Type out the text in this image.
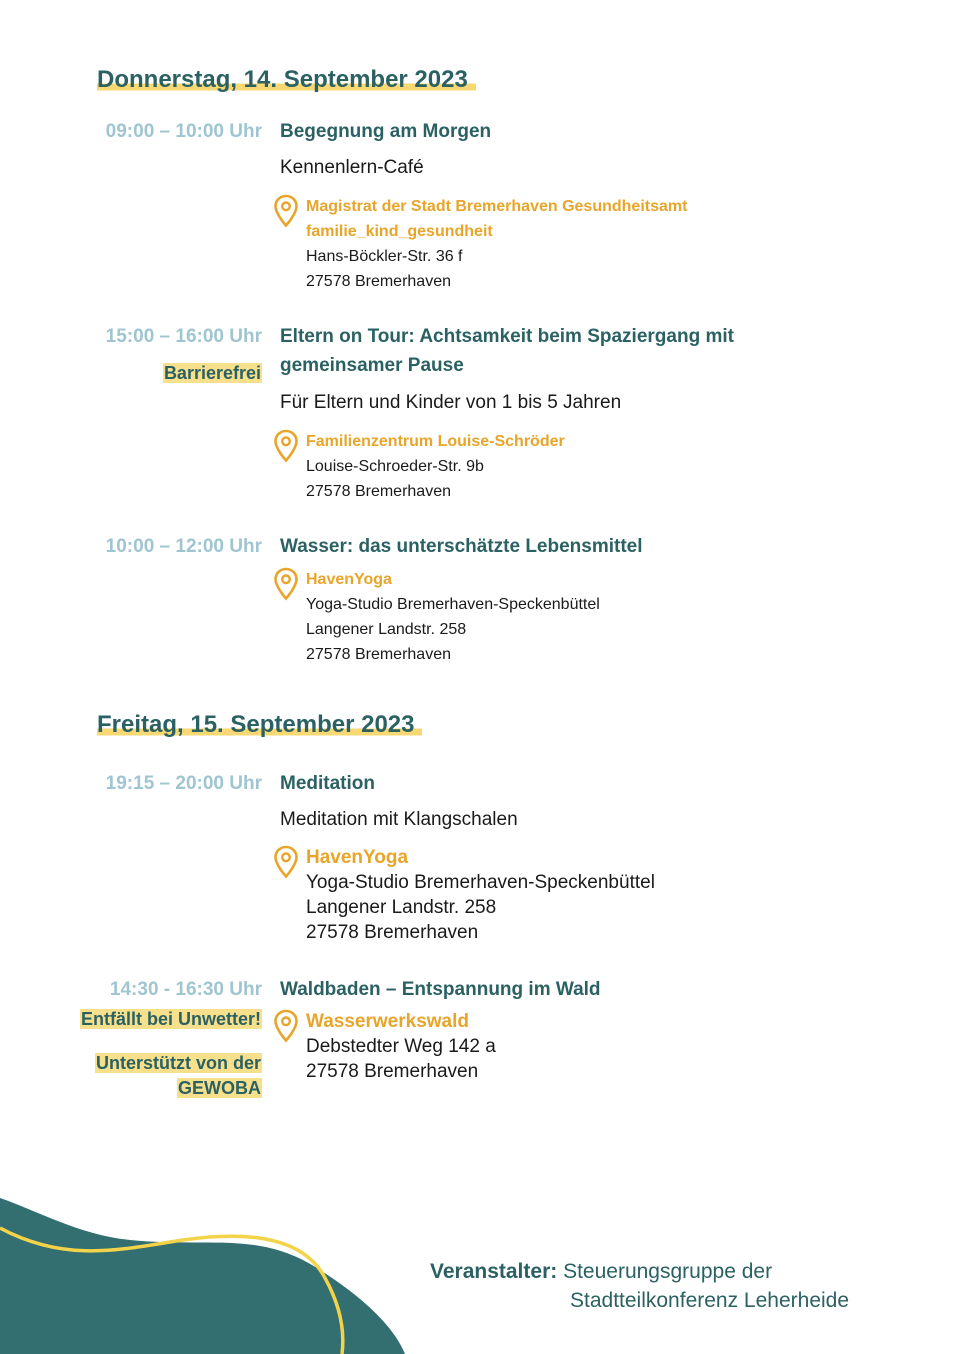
Donnerstag, 14. September 2023
09:00 – 10:00 Uhr Begegnung am Morgen
Kennenlern-Café
Magistrat der Stadt Bremerhaven Gesundheitsamt
familie_kind_gesundheit
Hans-Böckler-Str. 36 f
27578 Bremerhaven
15:00 – 16:00 Uhr
Barrierefrei
Eltern on Tour: Achtsamkeit beim Spaziergang mit gemeinsamer Pause
Für Eltern und Kinder von 1 bis 5 Jahren
Familienzentrum Louise-Schröder
Louise-Schroeder-Str. 9b
27578 Bremerhaven
10:00 – 12:00 Uhr Wasser: das unterschätzte Lebensmittel
HavenYoga
Yoga-Studio Bremerhaven-Speckenbüttel
Langener Landstr. 258
27578 Bremerhaven
Freitag, 15. September 2023
19:15 – 20:00 Uhr Meditation
Meditation mit Klangschalen
HavenYoga
Yoga-Studio Bremerhaven-Speckenbüttel
Langener Landstr. 258
27578 Bremerhaven
14:30 - 16:30 Uhr
Entfällt bei Unwetter!
Unterstützt von der
GEWOBA
Waldbaden – Entspannung im Wald
Wasserwerkswald
Debstedter Weg 142 a
27578 Bremerhaven
Veranstalter: Steuerungsgruppe der
Stadtteilkonferenz Leherheide
